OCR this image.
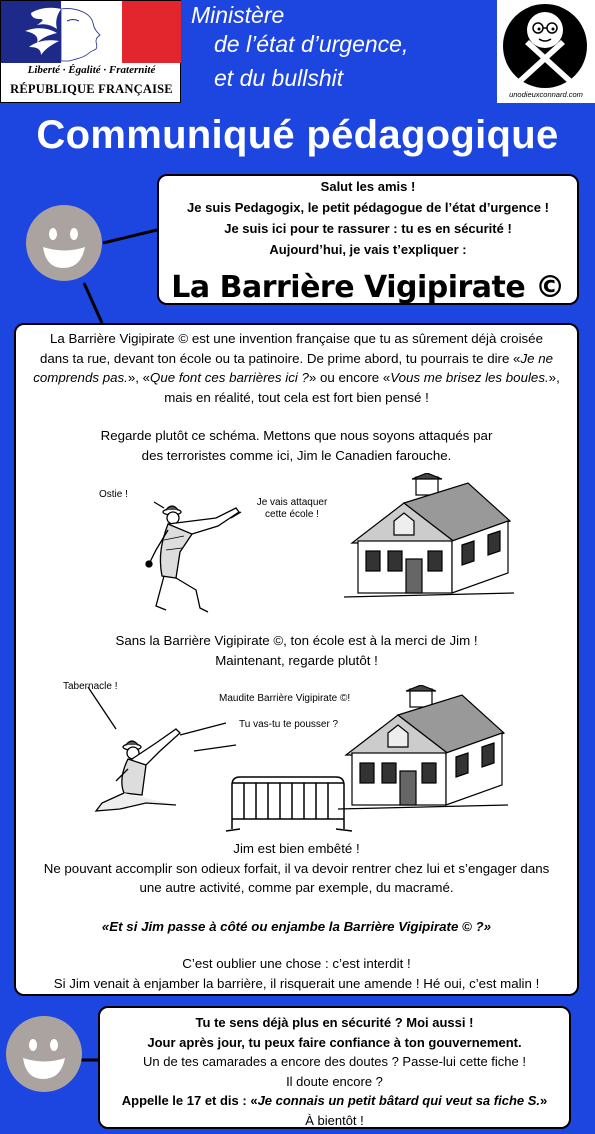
Liberté · Égalité · Fraternité
RÉPUBLIQUE FRANÇAISE
Ministère
de l’état d’urgence,
et du bullshit
unodieuxconnard.com
Communiqué pédagogique
Salut les amis !
Je suis Pedagogix, le petit pédagogue de l’état d’urgence !
Je suis ici pour te rassurer : tu es en sécurité !
Aujourd’hui, je vais t’expliquer :
La Barrière Vigipirate ©
La Barrière Vigipirate © est une invention française que tu as sûrement déjà croisée
dans ta rue, devant ton école ou ta patinoire. De prime abord, tu pourrais te dire «Je ne
comprends pas.», «Que font ces barrières ici ?» ou encore «Vous me brisez les boules.»,
mais en réalité, tout cela est fort bien pensé !
Regarde plutôt ce schéma. Mettons que nous soyons attaqués par
des terroristes comme ici, Jim le Canadien farouche.
Ostie !
Je vais attaquer
cette école !
Sans la Barrière Vigipirate ©, ton école est à la merci de Jim !
Maintenant, regarde plutôt !
Tabernacle !
Maudite Barrière Vigipirate ©!
Tu vas-tu te pousser ?
Jim est bien embêté !
Ne pouvant accomplir son odieux forfait, il va devoir rentrer chez lui et s’engager dans
une autre activité, comme par exemple, du macramé.
«Et si Jim passe à côté ou enjambe la Barrière Vigipirate © ?»
C’est oublier une chose : c’est interdit !
Si Jim venait à enjamber la barrière, il risquerait une amende ! Hé oui, c’est malin !
Tu te sens déjà plus en sécurité ? Moi aussi !
Jour après jour, tu peux faire confiance à ton gouvernement.
Un de tes camarades a encore des doutes ? Passe-lui cette fiche !
Il doute encore ?
Appelle le 17 et dis : «Je connais un petit bâtard qui veut sa fiche S.»
À bientôt !
